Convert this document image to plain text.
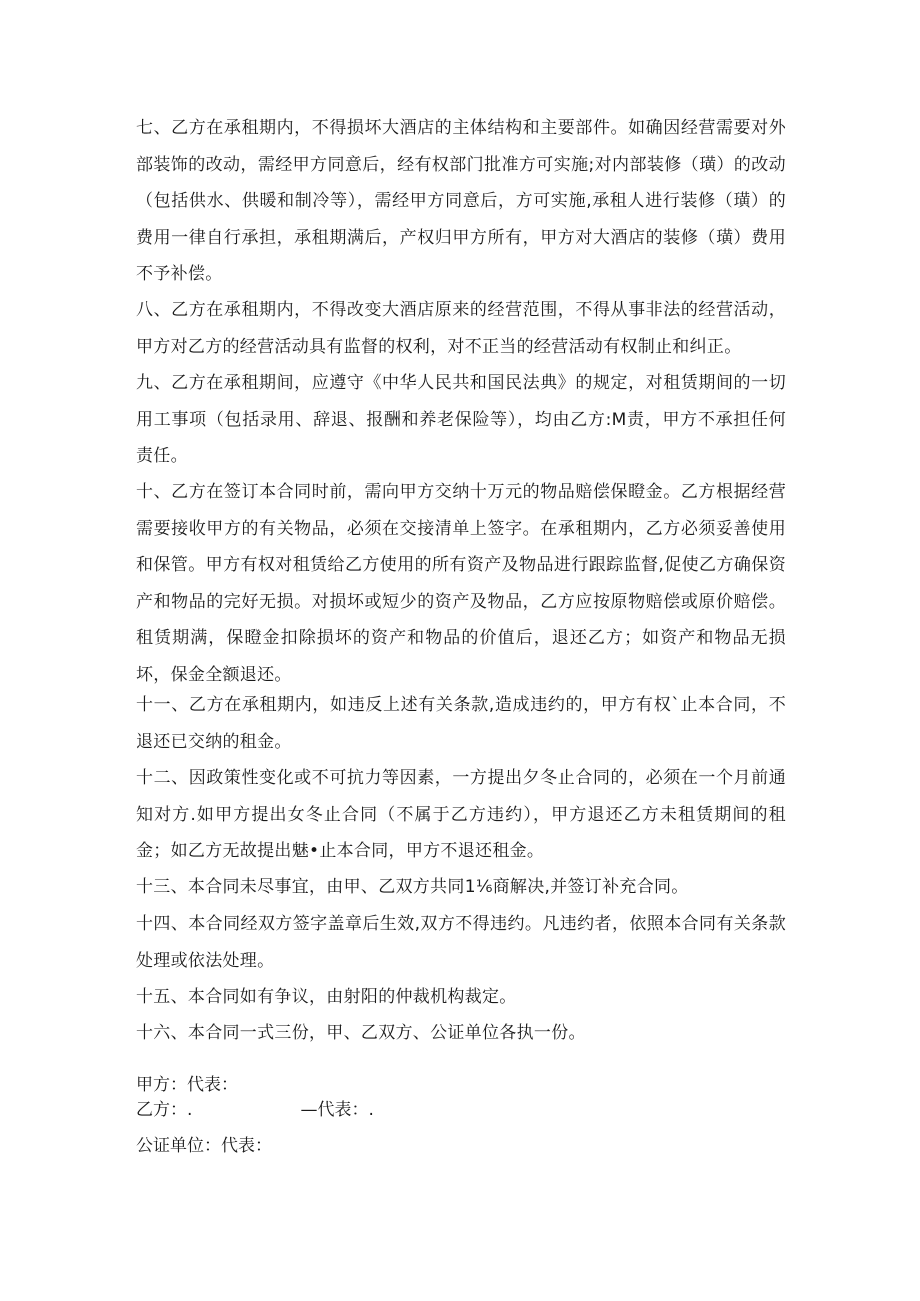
七、乙方在承租期内，不得损坏大酒店的主体结构和主要部件。如确因经营需要对外部装饰的改动，需经甲方同意后，经有权部门批准方可实施;对内部装修（璜）的改动（包括供水、供暖和制冷等），需经甲方同意后，方可实施,承租人进行装修（璜）的费用一律自行承担，承租期满后，产权归甲方所有，甲方对大酒店的装修（璜）费用不予补偿。

八、乙方在承租期内，不得改变大酒店原来的经营范围，不得从事非法的经营活动，甲方对乙方的经营活动具有监督的权利，对不正当的经营活动有权制止和纠正。

九、乙方在承租期间，应遵守《中华人民共和国民法典》的规定，对租赁期间的一切用工事项（包括录用、辞退、报酬和养老保险等），均由乙方:M责，甲方不承担任何责任。

十、乙方在签订本合同时前，需向甲方交纳十万元的物品赔偿保瞪金。乙方根据经营需要接收甲方的有关物品，必须在交接清单上签字。在承租期内，乙方必须妥善使用和保管。甲方有权对租赁给乙方使用的所有资产及物品进行跟踪监督,促使乙方确保资产和物品的完好无损。对损坏或短少的资产及物品，乙方应按原物赔偿或原价赔偿。租赁期满，保瞪金扣除损坏的资产和物品的价值后，退还乙方；如资产和物品无损坏，保金全额退还。

十一、乙方在承租期内，如违反上述有关条款,造成违约的，甲方有权`止本合同，不退还已交纳的租金。

十二、因政策性变化或不可抗力等因素，一方提出夕冬止合同的，必须在一个月前通知对方.如甲方提出女冬止合同（不属于乙方违约），甲方退还乙方未租赁期间的租金；如乙方无故提出魅•止本合同，甲方不退还租金。

十三、本合同未尽事宜，由甲、乙双方共同1⅙商解决,并签订补充合同。

十四、本合同经双方签字盖章后生效,双方不得违约。凡违约者，依照本合同有关条款处理或依法处理。

十五、本合同如有争议，由射阳的仲裁机构裁定。

十六、本合同一式三份，甲、乙双方、公证单位各执一份。

甲方：代表：
乙方：.                    —代表：.
公证单位：代表：
